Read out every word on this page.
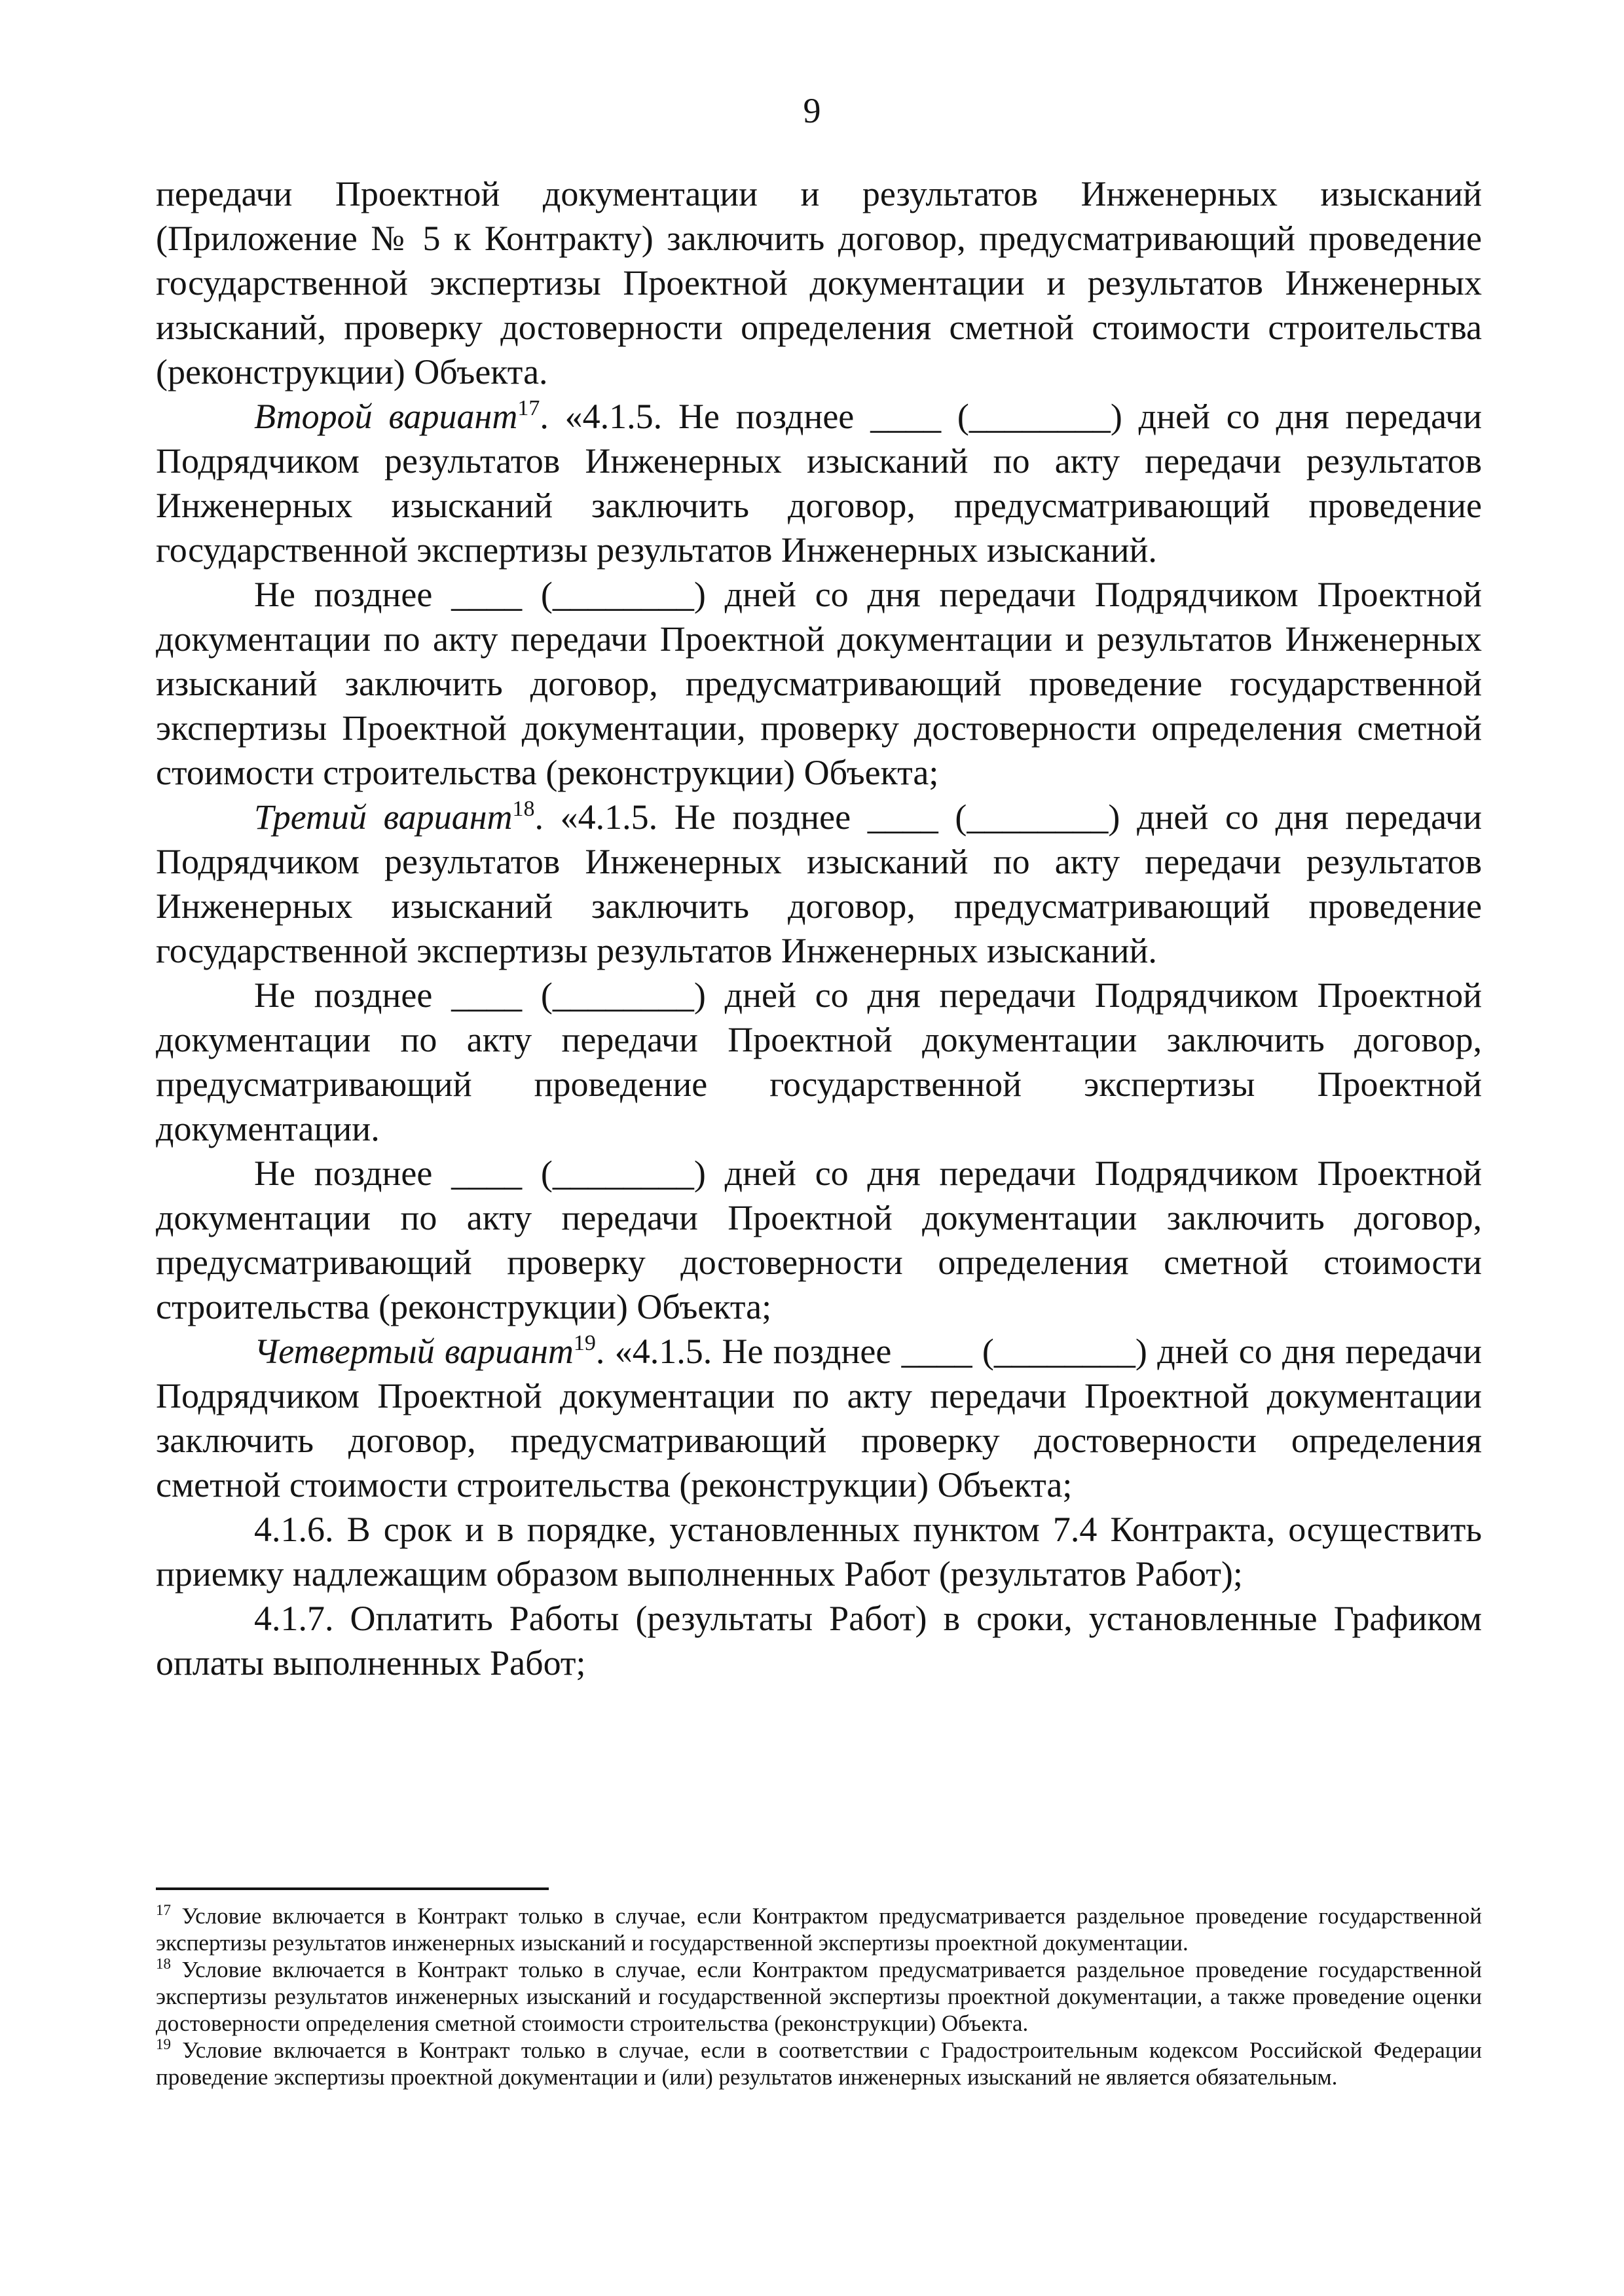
9

передачи Проектной документации и результатов Инженерных изысканий (Приложение № 5 к Контракту) заключить договор, предусматривающий проведение государственной экспертизы Проектной документации и результатов Инженерных изысканий, проверку достоверности определения сметной стоимости строительства (реконструкции) Объекта.

Второй вариант$^{17}$. «4.1.5. Не позднее ____ (________) дней со дня передачи Подрядчиком результатов Инженерных изысканий по акту передачи результатов Инженерных изысканий заключить договор, предусматривающий проведение государственной экспертизы результатов Инженерных изысканий.

Не позднее ____ (________) дней со дня передачи Подрядчиком Проектной документации по акту передачи Проектной документации и результатов Инженерных изысканий заключить договор, предусматривающий проведение государственной экспертизы Проектной документации, проверку достоверности определения сметной стоимости строительства (реконструкции) Объекта;

Третий вариант$^{18}$. «4.1.5. Не позднее ____ (________) дней со дня передачи Подрядчиком результатов Инженерных изысканий по акту передачи результатов Инженерных изысканий заключить договор, предусматривающий проведение государственной экспертизы результатов Инженерных изысканий.

Не позднее ____ (________) дней со дня передачи Подрядчиком Проектной документации по акту передачи Проектной документации заключить договор, предусматривающий проведение государственной экспертизы Проектной документации.

Не позднее ____ (________) дней со дня передачи Подрядчиком Проектной документации по акту передачи Проектной документации заключить договор, предусматривающий проверку достоверности определения сметной стоимости строительства (реконструкции) Объекта;

Четвертый вариант$^{19}$. «4.1.5. Не позднее ____ (________) дней со дня передачи Подрядчиком Проектной документации по акту передачи Проектной документации заключить договор, предусматривающий проверку достоверности определения сметной стоимости строительства (реконструкции) Объекта;

4.1.6. В срок и в порядке, установленных пунктом 7.4 Контракта, осуществить приемку надлежащим образом выполненных Работ (результатов Работ);

4.1.7. Оплатить Работы (результаты Работ) в сроки, установленные Графиком оплаты выполненных Работ;

$^{17}$ Условие включается в Контракт только в случае, если Контрактом предусматривается раздельное проведение государственной экспертизы результатов инженерных изысканий и государственной экспертизы проектной документации.

$^{18}$ Условие включается в Контракт только в случае, если Контрактом предусматривается раздельное проведение государственной экспертизы результатов инженерных изысканий и государственной экспертизы проектной документации, а также проведение оценки достоверности определения сметной стоимости строительства (реконструкции) Объекта.

$^{19}$ Условие включается в Контракт только в случае, если в соответствии с Градостроительным кодексом Российской Федерации проведение экспертизы проектной документации и (или) результатов инженерных изысканий не является обязательным.
